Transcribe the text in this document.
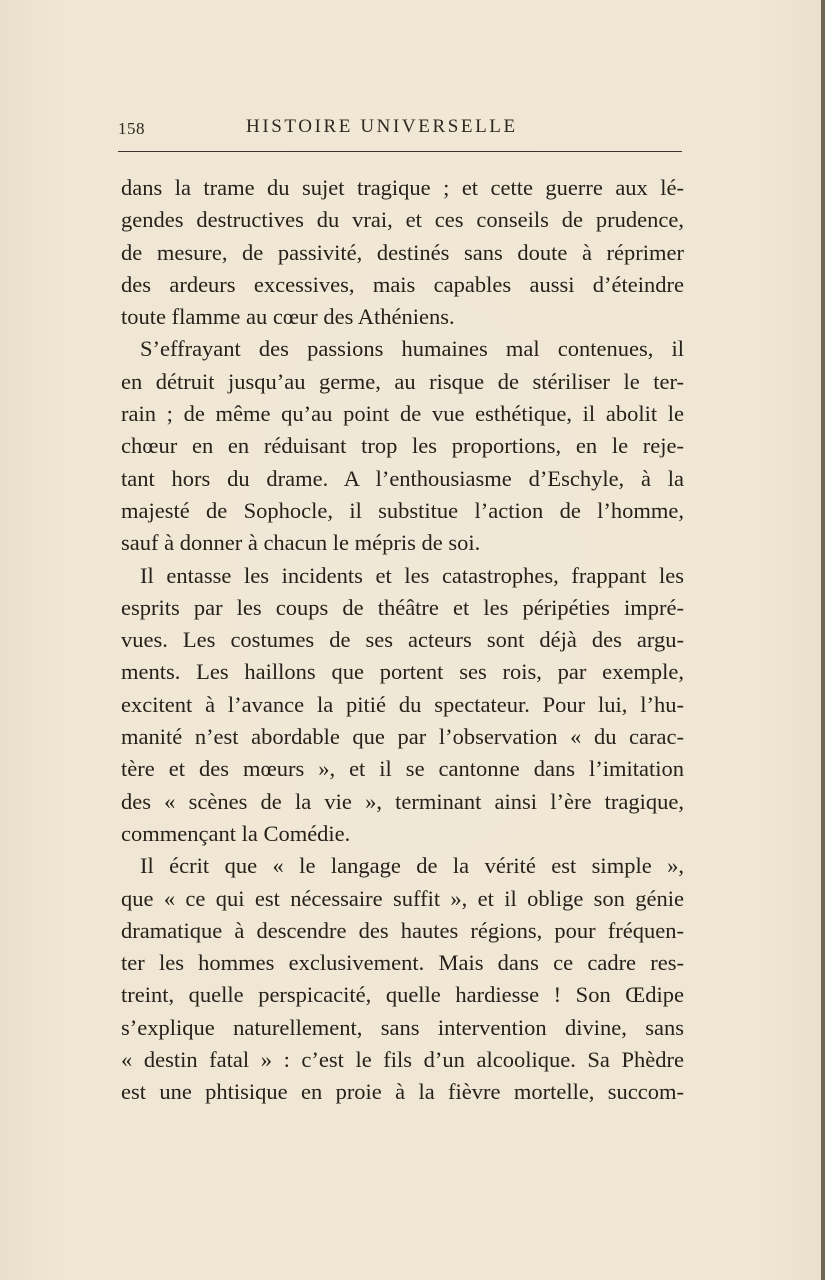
158	HISTOIRE UNIVERSELLE
dans la trame du sujet tragique ; et cette guerre aux lé-
gendes destructives du vrai, et ces conseils de prudence,
de mesure, de passivité, destinés sans doute à réprimer
des ardeurs excessives, mais capables aussi d’éteindre
toute flamme au cœur des Athéniens.
S’effrayant des passions humaines mal contenues, il
en détruit jusqu’au germe, au risque de stériliser le ter-
rain ; de même qu’au point de vue esthétique, il abolit le
chœur en en réduisant trop les proportions, en le reje-
tant hors du drame. A l’enthousiasme d’Eschyle, à la
majesté de Sophocle, il substitue l’action de l’homme,
sauf à donner à chacun le mépris de soi.
Il entasse les incidents et les catastrophes, frappant les
esprits par les coups de théâtre et les péripéties impré-
vues. Les costumes de ses acteurs sont déjà des argu-
ments. Les haillons que portent ses rois, par exemple,
excitent à l’avance la pitié du spectateur. Pour lui, l’hu-
manité n’est abordable que par l’observation « du carac-
tère et des mœurs », et il se cantonne dans l’imitation
des « scènes de la vie », terminant ainsi l’ère tragique,
commençant la Comédie.
Il écrit que « le langage de la vérité est simple »,
que « ce qui est nécessaire suffit », et il oblige son génie
dramatique à descendre des hautes régions, pour fréquen-
ter les hommes exclusivement. Mais dans ce cadre res-
treint, quelle perspicacité, quelle hardiesse ! Son Œdipe
s’explique naturellement, sans intervention divine, sans
« destin fatal » : c’est le fils d’un alcoolique. Sa Phèdre
est une phtisique en proie à la fièvre mortelle, succom-
